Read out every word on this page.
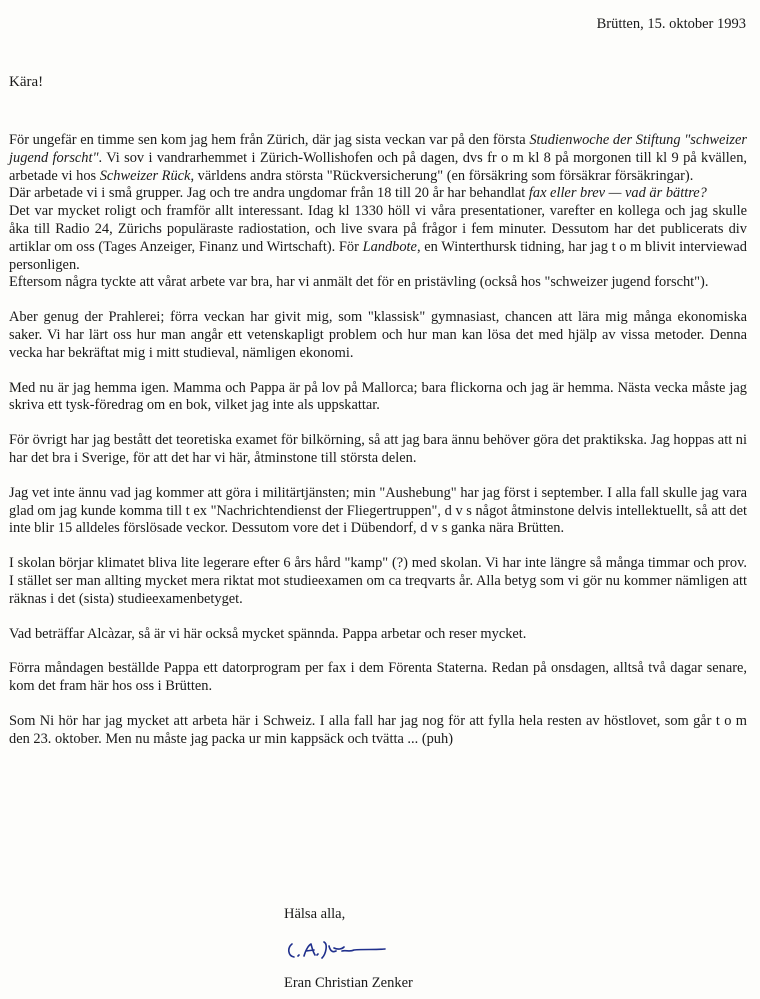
Brütten, 15. oktober 1993
Kära!

För ungefär en timme sen kom jag hem från Zürich, där jag sista veckan var på den första Studienwoche der Stiftung "schweizer jugend forscht". Vi sov i vandrarhemmet i Zürich-Wollishofen och på dagen, dvs fr o m kl 8 på morgonen till kl 9 på kvällen, arbetade vi hos Schweizer Rück, världens andra största "Rückversicherung" (en försäkring som försäkrar försäkringar).

Där arbetade vi i små grupper. Jag och tre andra ungdomar från 18 till 20 år har behandlat fax eller brev — vad är bättre?

Det var mycket roligt och framför allt interessant. Idag kl 1330 höll vi våra presentationer, varefter en kollega och jag skulle åka till Radio 24, Zürichs populäraste radiostation, och live svara på frågor i fem minuter. Dessutom har det publicerats div artiklar om oss (Tages Anzeiger, Finanz und Wirtschaft). För Landbote, en Winterthursk tidning, har jag t o m blivit interviewad personligen.

Eftersom några tyckte att vårat arbete var bra, har vi anmält det för en pristävling (också hos "schweizer jugend forscht").

Aber genug der Prahlerei; förra veckan har givit mig, som "klassisk" gymnasiast, chancen att lära mig många ekonomiska saker. Vi har lärt oss hur man angår ett vetenskapligt problem och hur man kan lösa det med hjälp av vissa metoder. Denna vecka har bekräftat mig i mitt studieval, nämligen ekonomi.

Med nu är jag hemma igen. Mamma och Pappa är på lov på Mallorca; bara flickorna och jag är hemma. Nästa vecka måste jag skriva ett tysk-föredrag om en bok, vilket jag inte als uppskattar.

För övrigt har jag bestått det teoretiska examet för bilkörning, så att jag bara ännu behöver göra det praktikska. Jag hoppas att ni har det bra i Sverige, för att det har vi här, åtminstone till största delen.

Jag vet inte ännu vad jag kommer att göra i militärtjänsten; min "Aushebung" har jag först i september. I alla fall skulle jag vara glad om jag kunde komma till t ex "Nachrichtendienst der Fliegertruppen", d v s något åtminstone delvis intellektuellt, så att det inte blir 15 alldeles förslösade veckor. Dessutom vore det i Dübendorf, d v s ganka nära Brütten.

I skolan börjar klimatet bliva lite legerare efter 6 års hård "kamp" (?) med skolan. Vi har inte längre så många timmar och prov. I stället ser man allting mycket mera riktat mot studieexamen om ca treqvarts år. Alla betyg som vi gör nu kommer nämligen att räknas i det (sista) studieexamenbetyget.

Vad beträffar Alcàzar, så är vi här också mycket spännda. Pappa arbetar och reser mycket.

Förra måndagen beställde Pappa ett datorprogram per fax i dem Förenta Staterna. Redan på onsdagen, alltså två dagar senare, kom det fram här hos oss i Brütten.

Som Ni hör har jag mycket att arbeta här i Schweiz. I alla fall har jag nog för att fylla hela resten av höstlovet, som går t o m den 23. oktober. Men nu måste jag packa ur min kappsäck och tvätta ... (puh)

Hälsa alla,
Eran Christian Zenker
